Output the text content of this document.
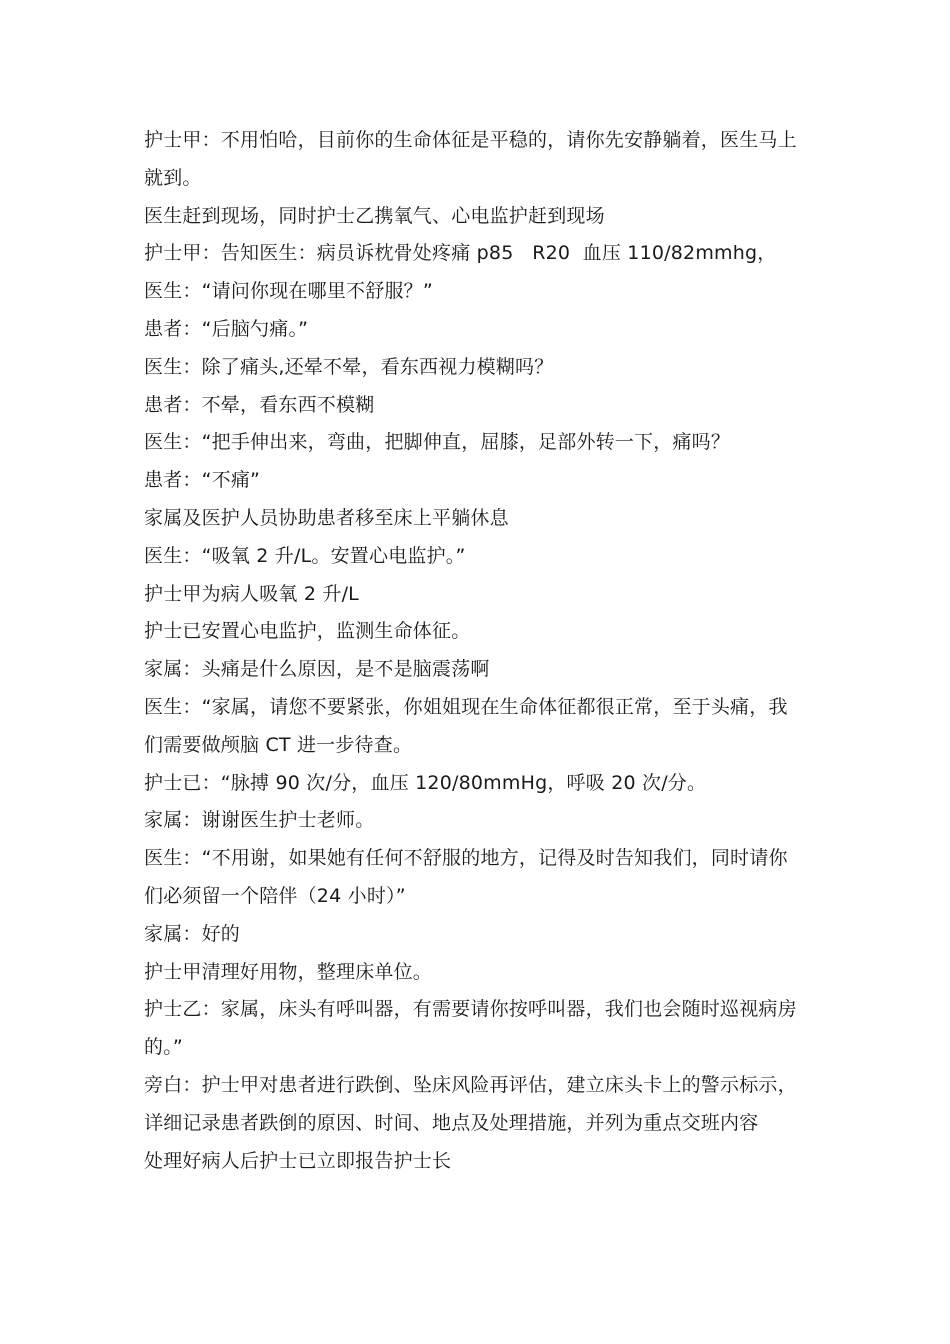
护士甲：不用怕哈，目前你的生命体征是平稳的，请你先安静躺着，医生马上
就到。
医生赶到现场，同时护士乙携氧气、心电监护赶到现场
护士甲：告知医生：病员诉枕骨处疼痛 p85   R20  血压 110/82mmhg，
医生：“请问你现在哪里不舒服？”
患者：“后脑勺痛。”
医生：除了痛头,还晕不晕，看东西视力模糊吗？
患者：不晕，看东西不模糊
医生：“把手伸出来，弯曲，把脚伸直，屈膝，足部外转一下，痛吗？
患者：“不痛”
家属及医护人员协助患者移至床上平躺休息
医生：“吸氧 2 升/L。安置心电监护。”
护士甲为病人吸氧 2 升/L
护士已安置心电监护，监测生命体征。
家属：头痛是什么原因，是不是脑震荡啊
医生：“家属，请您不要紧张，你姐姐现在生命体征都很正常，至于头痛，我
们需要做颅脑 CT 进一步待查。
护士已：“脉搏 90 次/分，血压 120/80mmHg，呼吸 20 次/分。
家属：谢谢医生护士老师。
医生：“不用谢，如果她有任何不舒服的地方，记得及时告知我们，同时请你
们必须留一个陪伴（24 小时）”
家属：好的
护士甲清理好用物，整理床单位。
护士乙：家属，床头有呼叫器，有需要请你按呼叫器，我们也会随时巡视病房
的。”
旁白：护士甲对患者进行跌倒、坠床风险再评估，建立床头卡上的警示标示，
详细记录患者跌倒的原因、时间、地点及处理措施，并列为重点交班内容
处理好病人后护士已立即报告护士长
